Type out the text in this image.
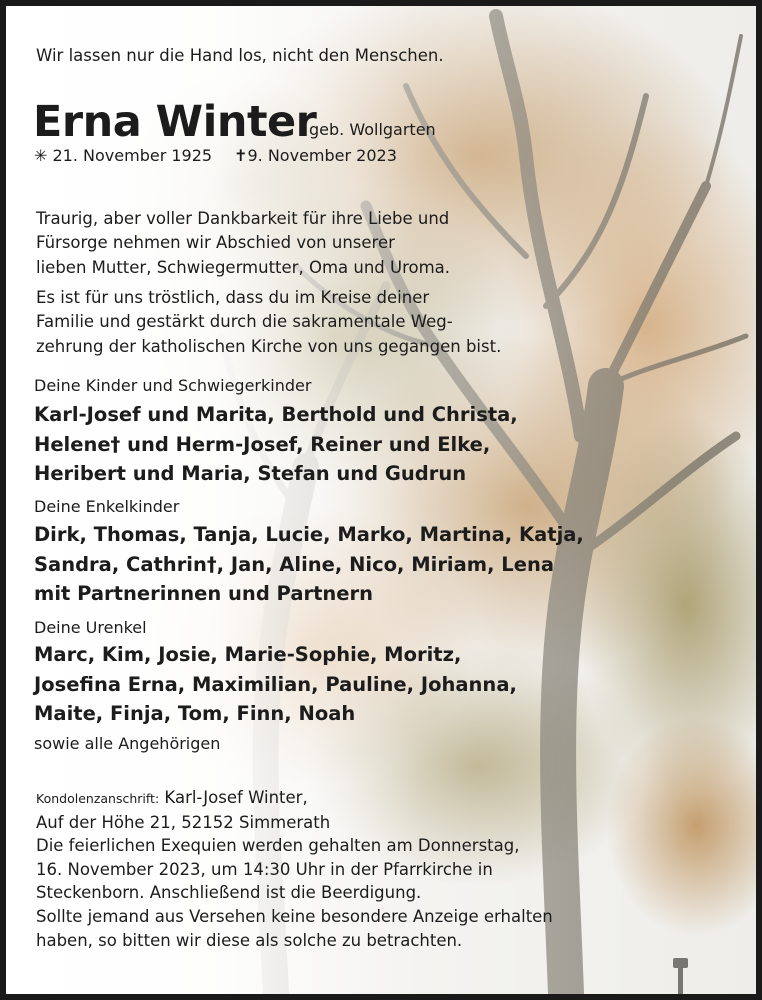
Wir lassen nur die Hand los, nicht den Menschen.
Erna Winter
geb. Wollgarten
✳ 21. November 1925 ✝9. November 2023
Traurig, aber voller Dankbarkeit für ihre Liebe und
Fürsorge nehmen wir Abschied von unserer
lieben Mutter, Schwiegermutter, Oma und Uroma.
Es ist für uns tröstlich, dass du im Kreise deiner
Familie und gestärkt durch die sakramentale Weg-
zehrung der katholischen Kirche von uns gegangen bist.
Deine Kinder und Schwiegerkinder
Karl-Josef und Marita, Berthold und Christa,
Helene† und Herm-Josef, Reiner und Elke,
Heribert und Maria, Stefan und Gudrun
Deine Enkelkinder
Dirk, Thomas, Tanja, Lucie, Marko, Martina, Katja,
Sandra, Cathrin†, Jan, Aline, Nico, Miriam, Lena
mit Partnerinnen und Partnern
Deine Urenkel
Marc, Kim, Josie, Marie-Sophie, Moritz,
Josefina Erna, Maximilian, Pauline, Johanna,
Maite, Finja, Tom, Finn, Noah
sowie alle Angehörigen
Kondolenzanschrift: Karl-Josef Winter,
Auf der Höhe 21, 52152 Simmerath
Die feierlichen Exequien werden gehalten am Donnerstag,
16. November 2023, um 14:30 Uhr in der Pfarrkirche in
Steckenborn. Anschließend ist die Beerdigung.
Sollte jemand aus Versehen keine besondere Anzeige erhalten
haben, so bitten wir diese als solche zu betrachten.
